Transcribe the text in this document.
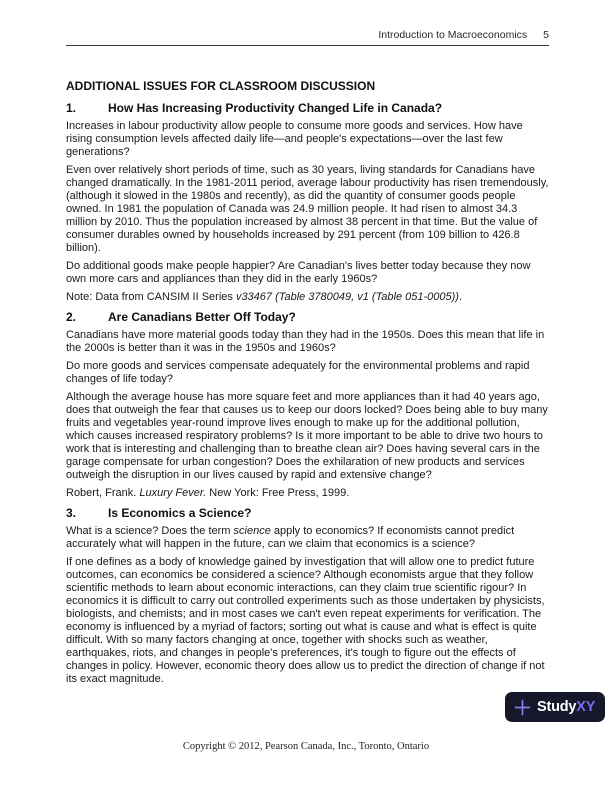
Introduction to Macroeconomics 5
ADDITIONAL ISSUES FOR CLASSROOM DISCUSSION
1.	How Has Increasing Productivity Changed Life in Canada?

Increases in labour productivity allow people to consume more goods and services. How have rising consumption levels affected daily life—and people's expectations—over the last few generations?

Even over relatively short periods of time, such as 30 years, living standards for Canadians have changed dramatically. In the 1981-2011 period, average labour productivity has risen tremendously, (although it slowed in the 1980s and recently), as did the quantity of consumer goods people owned. In 1981 the population of Canada was 24.9 million people. It had risen to almost 34.3 million by 2010. Thus the population increased by almost 38 percent in that time. But the value of consumer durables owned by households increased by 291 percent (from 109 billion to 426.8 billion).

Do additional goods make people happier? Are Canadian's lives better today because they now own more cars and appliances than they did in the early 1960s?

Note: Data from CANSIM II Series v33467 (Table 3780049, v1 (Table 051-0005)).

2.	Are Canadians Better Off Today?

Canadians have more material goods today than they had in the 1950s. Does this mean that life in the 2000s is better than it was in the 1950s and 1960s?

Do more goods and services compensate adequately for the environmental problems and rapid changes of life today?

Although the average house has more square feet and more appliances than it had 40 years ago, does that outweigh the fear that causes us to keep our doors locked? Does being able to buy many fruits and vegetables year-round improve lives enough to make up for the additional pollution, which causes increased respiratory problems? Is it more important to be able to drive two hours to work that is interesting and challenging than to breathe clean air? Does having several cars in the garage compensate for urban congestion? Does the exhilaration of new products and services outweigh the disruption in our lives caused by rapid and extensive change?

Robert, Frank. Luxury Fever. New York: Free Press, 1999.

3.	Is Economics a Science?

What is a science? Does the term science apply to economics? If economists cannot predict accurately what will happen in the future, can we claim that economics is a science?

If one defines as a body of knowledge gained by investigation that will allow one to predict future outcomes, can economics be considered a science? Although economists argue that they follow scientific methods to learn about economic interactions, can they claim true scientific rigour? In economics it is difficult to carry out controlled experiments such as those undertaken by physicists, biologists, and chemists; and in most cases we can't even repeat experiments for verification. The economy is influenced by a myriad of factors; sorting out what is cause and what is effect is quite difficult. With so many factors changing at once, together with shocks such as weather, earthquakes, riots, and changes in people's preferences, it's tough to figure out the effects of changes in policy. However, economic theory does allow us to predict the direction of change if not its exact magnitude.

StudyXY
Copyright © 2012, Pearson Canada, Inc., Toronto, Ontario
